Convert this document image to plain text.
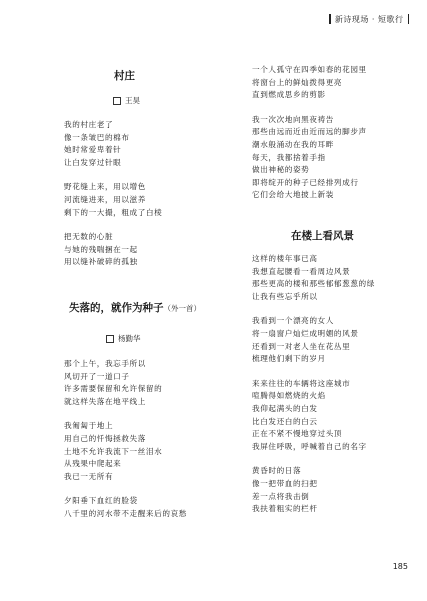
新诗现场 · 短歌行
村庄
王昊
我的村庄老了
像一条皱巴的棉布
她时常爱卑着针
让白发穿过针眼
野花缝上来，用以增色
河流缝进来，用以滋养
剩下的一大撮，粗成了白棱
把无数的心脏
与她的残喘捆在一起
用以缝补破碎的孤独
失落的，就作为种子（外一首）
杨勤华
那个上午，我忘手所以
风切开了一道口子
许多需要保留和允许保留的
就这样失落在地平线上
我匍匐于地上
用自己的忏悔拯救失落
土地不允许我流下一丝泪水
从残果中爬起来
我已一无所有
夕阳垂下血红的脸袋
八千里的河水带不走醒来后的哀愁
一个人孤守在四季如春的花园里
将窗台上的鲜灿拨得更亮
直到燃成思乡的剪影
我一次次地向黑夜祷告
那些由远而近由近而远的脚步声
潮水般涌动在我的耳畔
每天，我都捨着手指
做出神秘的姿势
即将绽开的种子已经排列成行
它们会给大地披上新装
在楼上看风景
这样的楼年事已高
我想直起腰看一看周边风景
那些更高的楼和那些郁郁葱葱的绿
让我有些忘乎所以
我看到一个漂亮的女人
将一扇窗户灿烂成明媚的风景
还看到一对老人坐在花丛里
梳理他们剩下的岁月
来来往往的车辆将这座城市
喧腾得如燃烧的火焰
我仰起满头的白发
比白发还白的白云
正在不紧不慢地穿过头顶
我屏住呼吸，呼喊着自己的名字
黄昏时的日落
像一把带血的扫把
差一点将我击倒
我扶着粗实的栏杆
185
